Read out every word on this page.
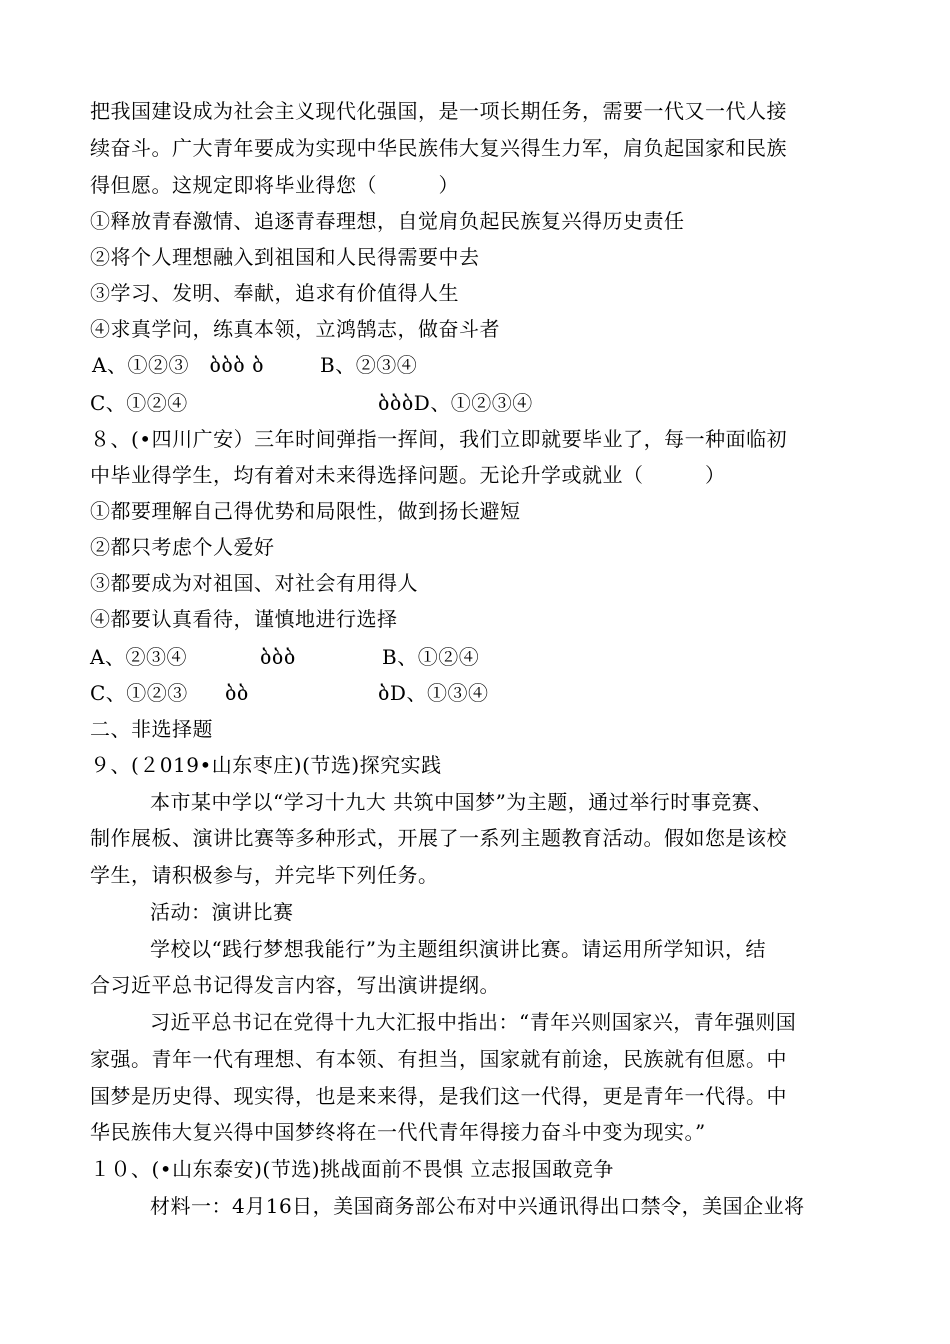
把我国建设成为社会主义现代化强国，是一项长期任务，需要一代又一代人接
续奋斗。广大青年要成为实现中华民族伟大复兴得生力军，肩负起国家和民族
得但愿。这规定即将毕业得您（　　　）
①释放青春激情、追逐青春理想，自觉肩负起民族复兴得历史责任
②将个人理想融入到祖国和人民得需要中去
③学习、发明、奉献，追求有价值得人生
④求真学问，练真本领，立鸿鹄志，做奋斗者
A、①②③　ბბბ ბ	B、②③④
C、①②④	ბბბD、①②③④
８、(•四川广安）三年时间弹指一挥间，我们立即就要毕业了，每一种面临初
中毕业得学生，均有着对未来得选择问题。无论升学或就业（　　　）
①都要理解自己得优势和局限性，做到扬长避短
②都只考虑个人爱好
③都要成为对祖国、对社会有用得人
④都要认真看待，谨慎地进行选择
A、②③④	ბბბ	B、①②④
C、①②③ ბბ	ბD、①③④
二、非选择题
９、(２019•山东枣庄)(节选)探究实践
本市某中学以“学习十九大 共筑中国梦”为主题，通过举行时事竞赛、
制作展板、演讲比赛等多种形式，开展了一系列主题教育活动。假如您是该校
学生，请积极参与，并完毕下列任务。
活动：演讲比赛
学校以“践行梦想我能行”为主题组织演讲比赛。请运用所学知识，结
合习近平总书记得发言内容，写出演讲提纲。
习近平总书记在党得十九大汇报中指出：“青年兴则国家兴，青年强则国
家强。青年一代有理想、有本领、有担当，国家就有前途，民族就有但愿。中
国梦是历史得、现实得，也是来来得，是我们这一代得，更是青年一代得。中
华民族伟大复兴得中国梦终将在一代代青年得接力奋斗中变为现实。”
１０、(•山东泰安)(节选)挑战面前不畏惧 立志报国敢竞争
材料一：4月16日，美国商务部公布对中兴通讯得出口禁令，美国企业将
